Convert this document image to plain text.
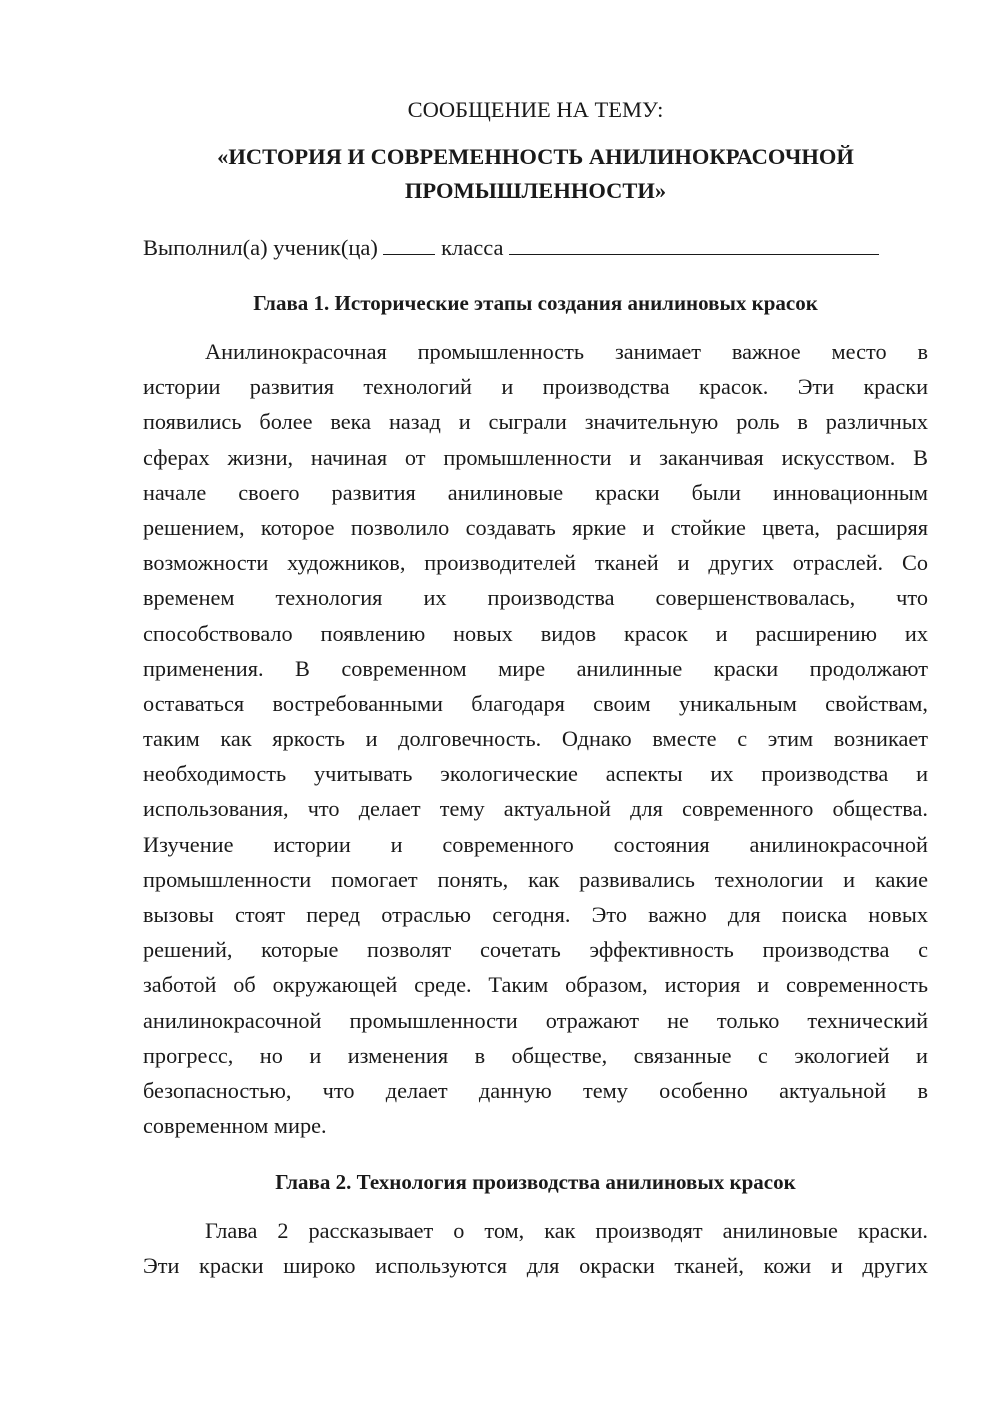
СООБЩЕНИЕ НА ТЕМУ:
«ИСТОРИЯ И СОВРЕМЕННОСТЬ АНИЛИНОКРАСОЧНОЙ
ПРОМЫШЛЕННОСТИ»
Выполнил(а) ученик(ца)	класса
Глава 1. Исторические этапы создания анилиновых красок
Анилинокрасочная промышленность занимает важное место в
истории развития технологий и производства красок. Эти краски
появились более века назад и сыграли значительную роль в различных
сферах жизни, начиная от промышленности и заканчивая искусством. В
начале своего развития анилиновые краски были инновационным
решением, которое позволило создавать яркие и стойкие цвета, расширяя
возможности художников, производителей тканей и других отраслей. Со
временем технология их производства совершенствовалась, что
способствовало появлению новых видов красок и расширению их
применения. В современном мире анилинные краски продолжают
оставаться востребованными благодаря своим уникальным свойствам,
таким как яркость и долговечность. Однако вместе с этим возникает
необходимость учитывать экологические аспекты их производства и
использования, что делает тему актуальной для современного общества.
Изучение истории и современного состояния анилинокрасочной
промышленности помогает понять, как развивались технологии и какие
вызовы стоят перед отраслью сегодня. Это важно для поиска новых
решений, которые позволят сочетать эффективность производства с
заботой об окружающей среде. Таким образом, история и современность
анилинокрасочной промышленности отражают не только технический
прогресс, но и изменения в обществе, связанные с экологией и
безопасностью, что делает данную тему особенно актуальной в
современном мире.
Глава 2. Технология производства анилиновых красок
Глава 2 рассказывает о том, как производят анилиновые краски.
Эти краски широко используются для окраски тканей, кожи и других
